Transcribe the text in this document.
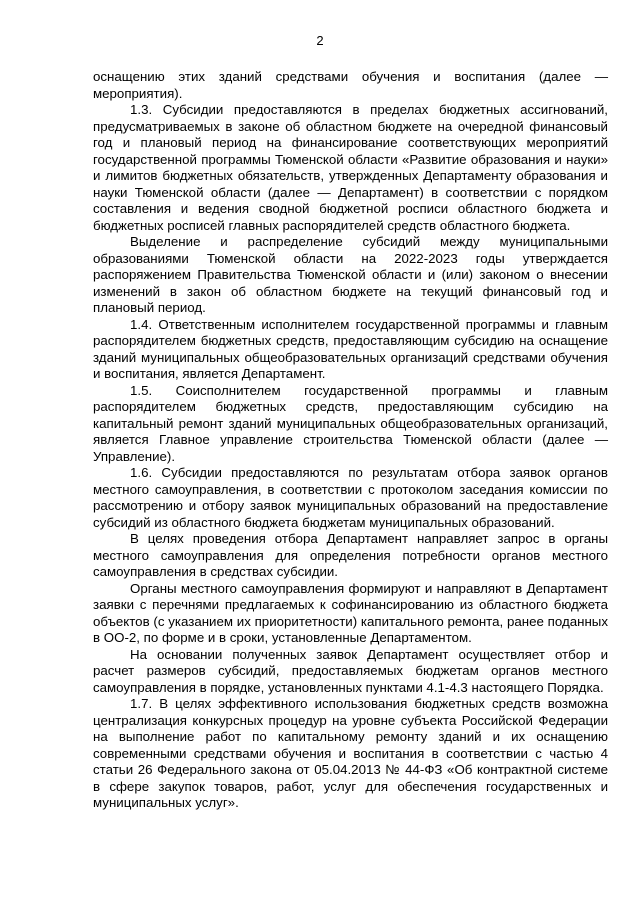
2

оснащению этих зданий средствами обучения и воспитания (далее — мероприятия).

1.3. Субсидии предоставляются в пределах бюджетных ассигнований, предусматриваемых в законе об областном бюджете на очередной финансовый год и плановый период на финансирование соответствующих мероприятий государственной программы Тюменской области «Развитие образования и науки» и лимитов бюджетных обязательств, утвержденных Департаменту образования и науки Тюменской области (далее — Департамент) в соответствии с порядком составления и ведения сводной бюджетной росписи областного бюджета и бюджетных росписей главных распорядителей средств областного бюджета.

Выделение и распределение субсидий между муниципальными образованиями Тюменской области на 2022-2023 годы утверждается распоряжением Правительства Тюменской области и (или) законом о внесении изменений в закон об областном бюджете на текущий финансовый год и плановый период.

1.4. Ответственным исполнителем государственной программы и главным распорядителем бюджетных средств, предоставляющим субсидию на оснащение зданий муниципальных общеобразовательных организаций средствами обучения и воспитания, является Департамент.

1.5. Соисполнителем государственной программы и главным распорядителем бюджетных средств, предоставляющим субсидию на капитальный ремонт зданий муниципальных общеобразовательных организаций, является Главное управление строительства Тюменской области (далее — Управление).

1.6. Субсидии предоставляются по результатам отбора заявок органов местного самоуправления, в соответствии с протоколом заседания комиссии по рассмотрению и отбору заявок муниципальных образований на предоставление субсидий из областного бюджета бюджетам муниципальных образований.

В целях проведения отбора Департамент направляет запрос в органы местного самоуправления для определения потребности органов местного самоуправления в средствах субсидии.

Органы местного самоуправления формируют и направляют в Департамент заявки с перечнями предлагаемых к софинансированию из областного бюджета объектов (с указанием их приоритетности) капитального ремонта, ранее поданных в ОО-2, по форме и в сроки, установленные Департаментом.

На основании полученных заявок Департамент осуществляет отбор и расчет размеров субсидий, предоставляемых бюджетам органов местного самоуправления в порядке, установленных пунктами 4.1-4.3 настоящего Порядка.

1.7. В целях эффективного использования бюджетных средств возможна централизация конкурсных процедур на уровне субъекта Российской Федерации на выполнение работ по капитальному ремонту зданий и их оснащению современными средствами обучения и воспитания в соответствии с частью 4 статьи 26 Федерального закона от 05.04.2013 № 44-ФЗ «Об контрактной системе в сфере закупок товаров, работ, услуг для обеспечения государственных и муниципальных услуг».
